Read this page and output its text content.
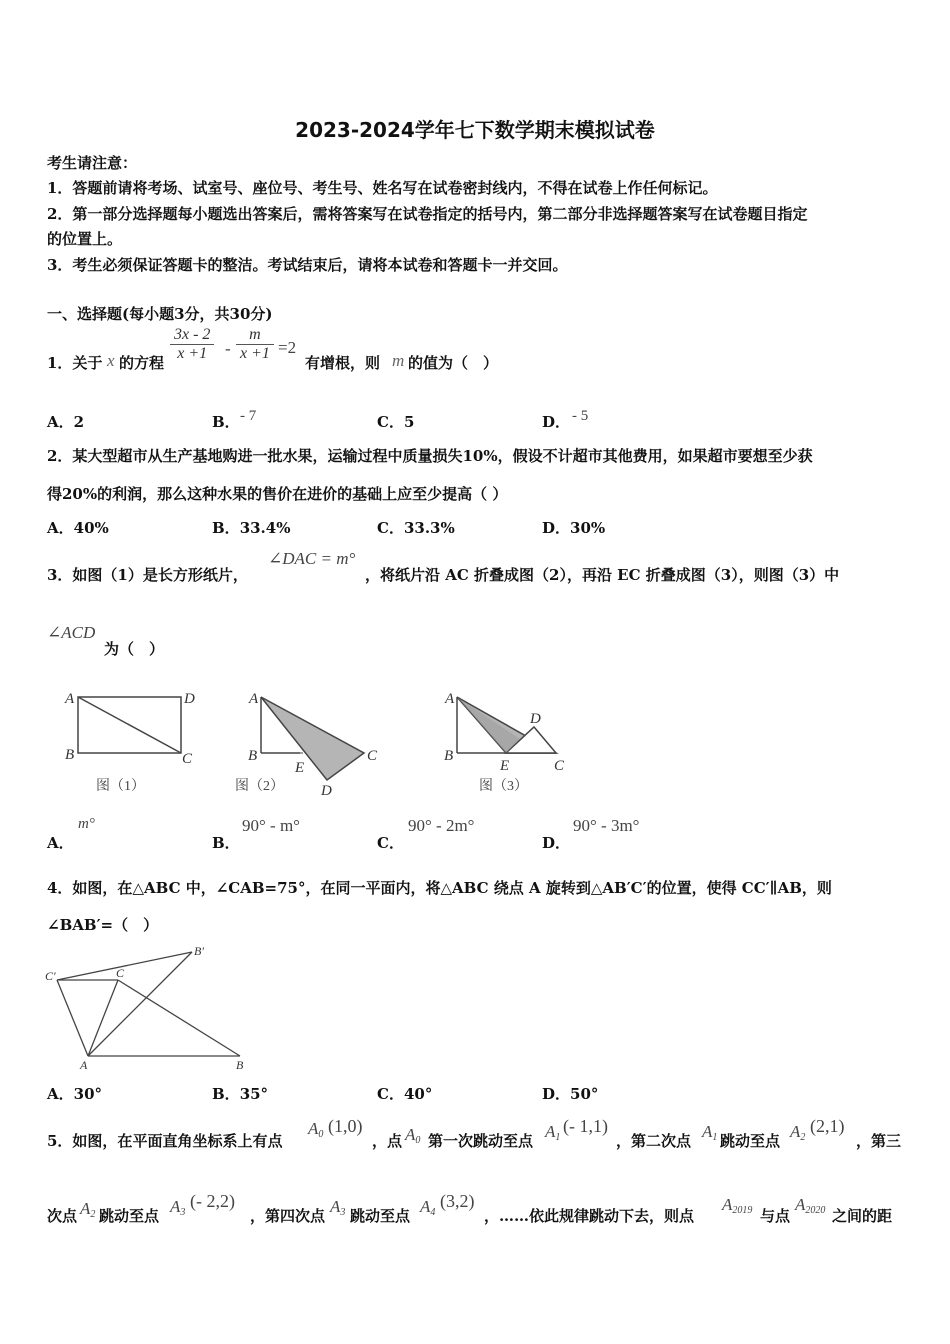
2023-2024学年七下数学期末模拟试卷
考生请注意：
1．答题前请将考场、试室号、座位号、考生号、姓名写在试卷密封线内，不得在试卷上作任何标记。
2．第一部分选择题每小题选出答案后，需将答案写在试卷指定的括号内，第二部分非选择题答案写在试卷题目指定
的位置上。
3．考生必须保证答题卡的整洁。考试结束后，请将本试卷和答题卡一并交回。
一、选择题(每小题3分，共30分)
1．关于 x 的方程 $\frac{3x - 2}{x +1} - \frac{m}{x +1} =2$
有增根，则 m 的值为（　）
A．2	B． - 7	C．5	D． - 5
2．某大型超市从生产基地购进一批水果，运输过程中质量损失10%，假设不计超市其他费用，如果超市要想至少获
得20%的利润，那么这种水果的售价在进价的基础上应至少提高（ ）
A．40%	B．33.4%	C．33.3%	D．30%
3．如图（1）是长方形纸片，
∠DAC = m°
，将纸片沿 AC 折叠成图（2），再沿 EC 折叠成图（3），则图（3）中
∠ACD
为（　）
A	D
B	C
图（1）
A
B
E
C
D
图（2）
A
D
B
E	C
图（3）
A．
m°
B．
90° - m°
C．
90° - 2m°
D．
90° - 3m°
4．如图，在△ABC 中，∠CAB=75°，在同一平面内，将△ABC 绕点 A 旋转到△AB′C′的位置，使得 CC′∥AB，则
∠BAB′=（　）
C′	C
B′
A	B
A．30°	B．35°	C．40°	D．50°
5．如图，在平面直角坐标系上有点
$A_0$ (1,0)
，点 $A_0$ 第一次跳动至点 $A_1$
(- 1,1)
，第二次点 $A_1$ 跳动至点 $A_2$
(2,1)
，第三
次点 $A_2$ 跳动至点 $A_3$
(- 2,2)
，第四次点 $A_3$ 跳动至点 $A_4$
(3,2)
，……依此规律跳动下去，则点
$A_{2019}$ 与点
$A_{2020}$ 之间的距
